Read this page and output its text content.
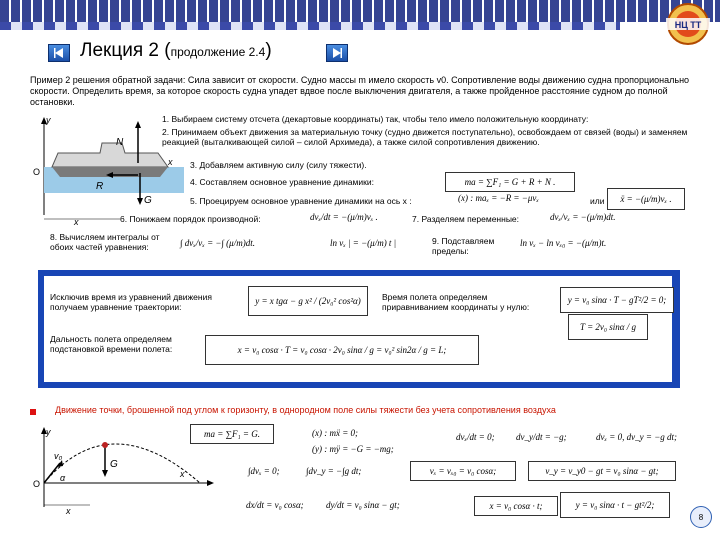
НЦ ТТ
Лекция 2 (продолжение 2.4)
Пример 2 решения обратной задачи: Сила зависит от скорости. Судно массы m имело скорость v0. Сопротивление воды движению судна пропорционально скорости. Определить время, за которое скорость судна упадет вдвое после выключения двигателя, а также пройденное расстояние судном до полной остановки.
y
x
O
x
N
R
G
1. Выбираем систему отсчета (декартовые координаты) так, чтобы тело имело положительную координату:
2. Принимаем объект движения за материальную точку (судно движется поступательно), освобождаем от связей (воды) и заменяем реакцией (выталкивающей силой – силой Архимеда), а также силой сопротивления движению.
3. Добавляем активную силу (силу тяжести).
4. Составляем основное уравнение динамики:	ma = ∑F₁ = G + R + N .
5. Проецируем основное уравнение динамики на ось x :	(x) : maₓ = −R = −μvₓ	или	ẍ = −(μ/m)vₓ .
6. Понижаем порядок производной:	dvₓ/dt = −(μ/m)vₓ .	7. Разделяем переменные:	dvₓ/vₓ = −(μ/m)dt.
8. Вычисляем интегралы от обоих частей уравнения:	∫ dvₓ/vₓ = −∫ (μ/m)dt.	ln vₓ | = −(μ/m) t |	9. Подставляем пределы:
ln vₓ − ln vₓ₀ = −(μ/m)t.
Исключив время из уравнений движения получаем уравнение траектории:
y = x tgα − g x² / (2v₀² cos²α)	Время полета определяем приравниванием координаты y нулю:
y = v₀ sinα · T − gT²/2 = 0;
T = 2v₀ sinα / g
Дальность полета определяем подстановкой времени полета:	x = v₀ cosα · T = v₀ cosα · 2v₀ sinα / g = v₀² sin2α / g = L;
Движение точки, брошенной под углом к горизонту, в однородном поле силы тяжести без учета сопротивления воздуха
y
x
O
x
v₀
α
G
ma = ∑F₁ = G.	(x) : mẍ = 0;
(y) : mÿ = −G = −mg;
dvₓ/dt = 0; dv_y/dt = −g;	dvₓ = 0, dv_y = −g dt;
∫dvₓ = 0;	∫dv_y = −∫g dt;	vₓ = vₓ₀ = v₀ cosα;	v_y = v_y0 − gt = v₀ sinα − gt;
dx/dt = v₀ cosα; dy/dt = v₀ sinα − gt;	x = v₀ cosα · t;	y = v₀ sinα · t − gt²/2;
8
